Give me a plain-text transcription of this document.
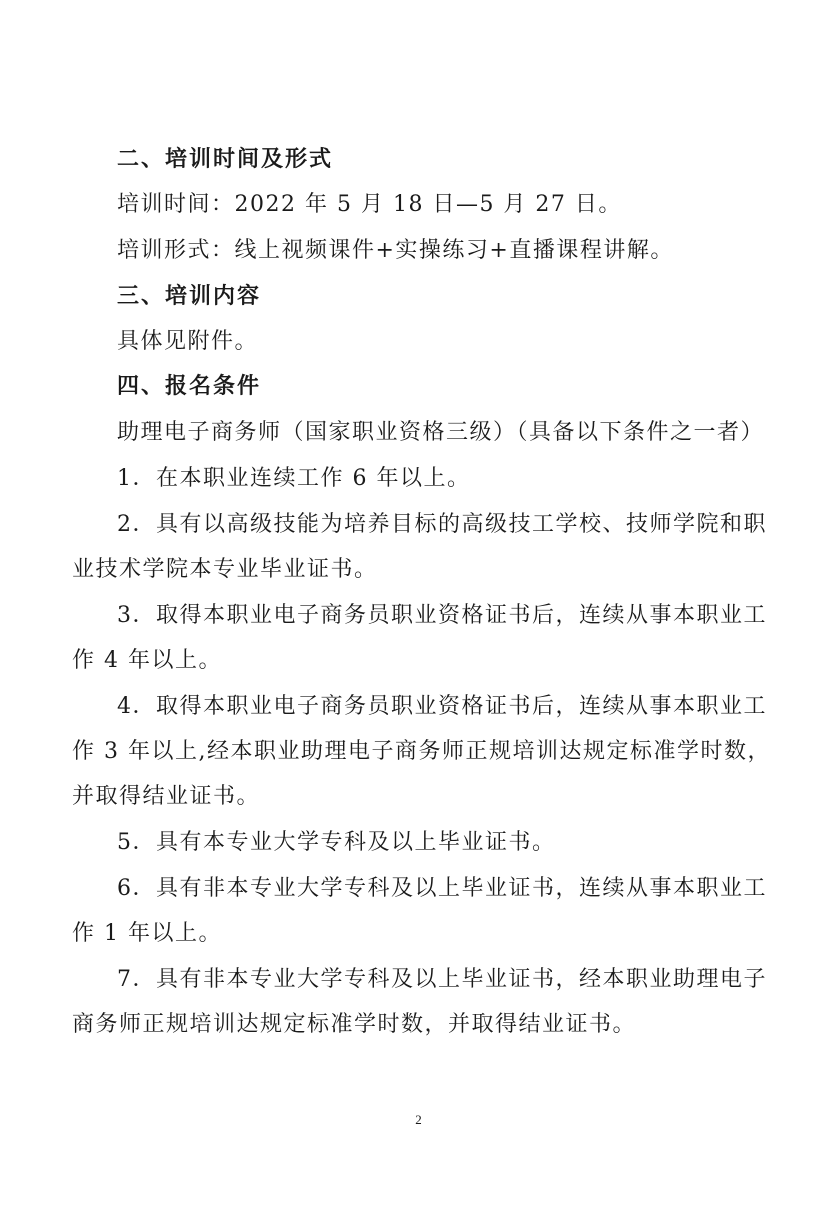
二、培训时间及形式
培训时间：2022 年 5 月 18 日—5 月 27 日。
培训形式：线上视频课件+实操练习+直播课程讲解。
三、培训内容
具体见附件。
四、报名条件
助理电子商务师（国家职业资格三级）（具备以下条件之一者）
1．在本职业连续工作 6 年以上。
2．具有以高级技能为培养目标的高级技工学校、技师学院和职
业技术学院本专业毕业证书。
3．取得本职业电子商务员职业资格证书后，连续从事本职业工
作 4 年以上。
4．取得本职业电子商务员职业资格证书后，连续从事本职业工
作 3 年以上,经本职业助理电子商务师正规培训达规定标准学时数，
并取得结业证书。
5．具有本专业大学专科及以上毕业证书。
6．具有非本专业大学专科及以上毕业证书，连续从事本职业工
作 1 年以上。
7．具有非本专业大学专科及以上毕业证书，经本职业助理电子
商务师正规培训达规定标准学时数，并取得结业证书。
2
